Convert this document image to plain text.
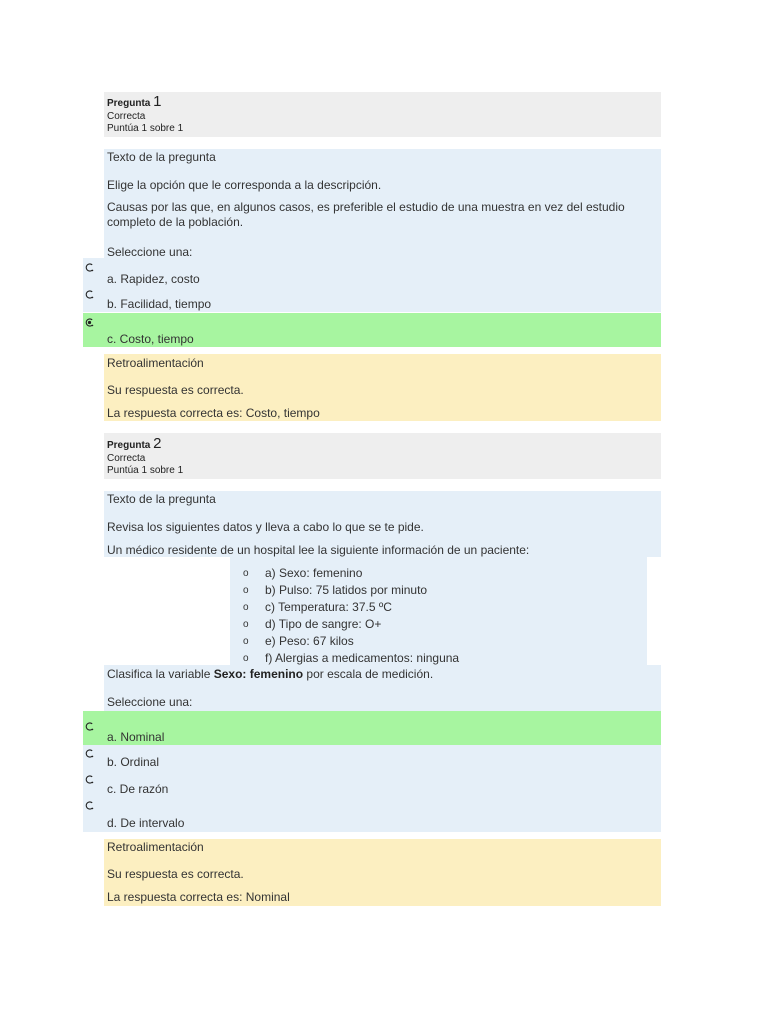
Pregunta 1
Correcta
Puntúa 1 sobre 1
Texto de la pregunta
Elige la opción que le corresponda a la descripción.
Causas por las que, en algunos casos, es preferible el estudio de una muestra en vez del estudio completo de la población.
Seleccione una:
a. Rapidez, costo
b. Facilidad, tiempo
c. Costo, tiempo
Retroalimentación
Su respuesta es correcta.
La respuesta correcta es: Costo, tiempo
Pregunta 2
Correcta
Puntúa 1 sobre 1
Texto de la pregunta
Revisa los siguientes datos y lleva a cabo lo que se te pide.
Un médico residente de un hospital lee la siguiente información de un paciente:
o a) Sexo: femenino
o b) Pulso: 75 latidos por minuto
o c) Temperatura: 37.5 ºC
o d) Tipo de sangre: O+
o e) Peso: 67 kilos
o f) Alergias a medicamentos: ninguna
Clasifica la variable Sexo: femenino por escala de medición.
Seleccione una:
a. Nominal
b. Ordinal
c. De razón
d. De intervalo
Retroalimentación
Su respuesta es correcta.
La respuesta correcta es: Nominal
